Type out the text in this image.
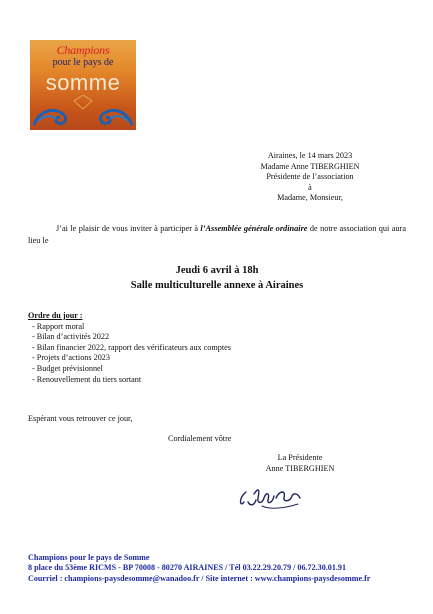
Champions
pour le pays de
somme
Airaines, le 14 mars 2023
Madame Anne TIBERGHIEN
Présidente de l’association
à
Madame, Monsieur,
J’ai le plaisir de vous inviter à participer à l’Assemblée générale ordinaire de notre association qui aura lieu le
Jeudi 6 avril à 18h
Salle multiculturelle annexe à Airaines
Ordre du jour :
- Rapport moral
- Bilan d’activités 2022
- Bilan financier 2022, rapport des vérificateurs aux comptes
- Projets d’actions 2023
- Budget prévisionnel
- Renouvellement du tiers sortant
Espérant vous retrouver ce jour,
Cordialement vôtre
La Présidente
Anne TIBERGHIEN
Champions pour le pays de Somme
8 place du 53ème RICMS - BP 70008 - 80270 AIRAINES / Tél 03.22.29.20.79 / 06.72.30.01.91
Courriel : champions-paysdesomme@wanadoo.fr / Site internet : www.champions-paysdesomme.fr
